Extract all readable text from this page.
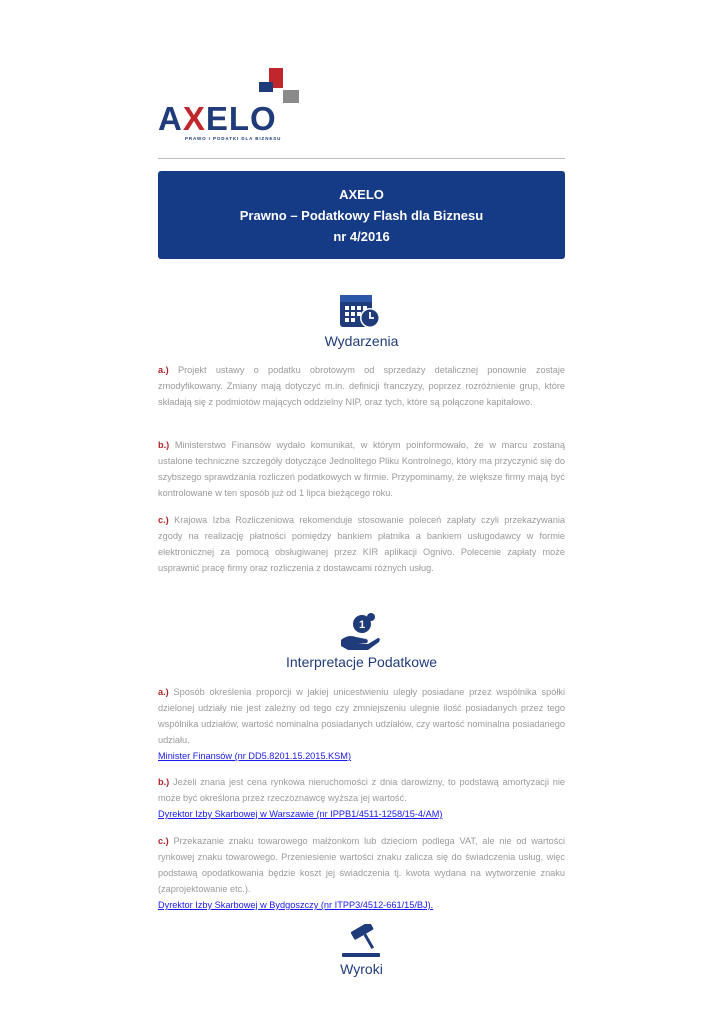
AXELO
PRAWO I PODATKI DLA BIZNESU
AXELO
Prawno – Podatkowy Flash dla Biznesu
nr 4/2016
Wydarzenia
a.) Projekt ustawy o podatku obrotowym od sprzedaży detalicznej ponownie zostaje zmodyfikowany. Zmiany mają dotyczyć m.in. definicji franczyzy, poprzez rozróżnienie grup, które składają się z podmiotów mających oddzielny NIP, oraz tych, które są połączone kapitałowo.
b.) Ministerstwo Finansów wydało komunikat, w którym poinformowało, że w marcu zostaną ustalone techniczne szczegóły dotyczące Jednolitego Pliku Kontrolnego, który ma przyczynić się do szybszego sprawdzania rozliczeń podatkowych w firmie. Przypominamy, że większe firmy mają być kontrolowane w ten sposób już od 1 lipca bieżącego roku.
c.) Krajowa Izba Rozliczeniowa rekomenduje stosowanie poleceń zapłaty czyli przekazywania zgody na realizację płatności pomiędzy bankiem płatnika a bankiem usługodawcy w formie elektronicznej za pomocą obsługiwanej przez KIR aplikacji Ognivo. Polecenie zapłaty może usprawnić pracę firmy oraz rozliczenia z dostawcami różnych usług.
1
Interpretacje Podatkowe
a.) Sposób określenia proporcji w jakiej unicestwieniu uległy posiadane przez wspólnika spółki dzielonej udziały nie jest zależny od tego czy zmniejszeniu ulegnie ilość posiadanych przez tego wspólnika udziałów, wartość nominalna posiadanych udziałów, czy wartość nominalna posiadanego udziału.
Minister Finansów (nr DD5.8201.15.2015.KSM)
b.) Jeżeli znana jest cena rynkowa nieruchomości z dnia darowizny, to podstawą amortyzacji nie może być określona przez rzeczoznawcę wyższa jej wartość.
Dyrektor Izby Skarbowej w Warszawie (nr IPPB1/4511-1258/15-4/AM)
c.) Przekazanie znaku towarowego małżonkom lub dzieciom podlega VAT, ale nie od wartości rynkowej znaku towarowego. Przeniesienie wartości znaku zalicza się do świadczenia usług, więc podstawą opodatkowania będzie koszt jej świadczenia tj. kwota wydana na wytworzenie znaku (zaprojektowanie etc.).
Dyrektor Izby Skarbowej w Bydgoszczy (nr ITPP3/4512-661/15/BJ).
Wyroki
